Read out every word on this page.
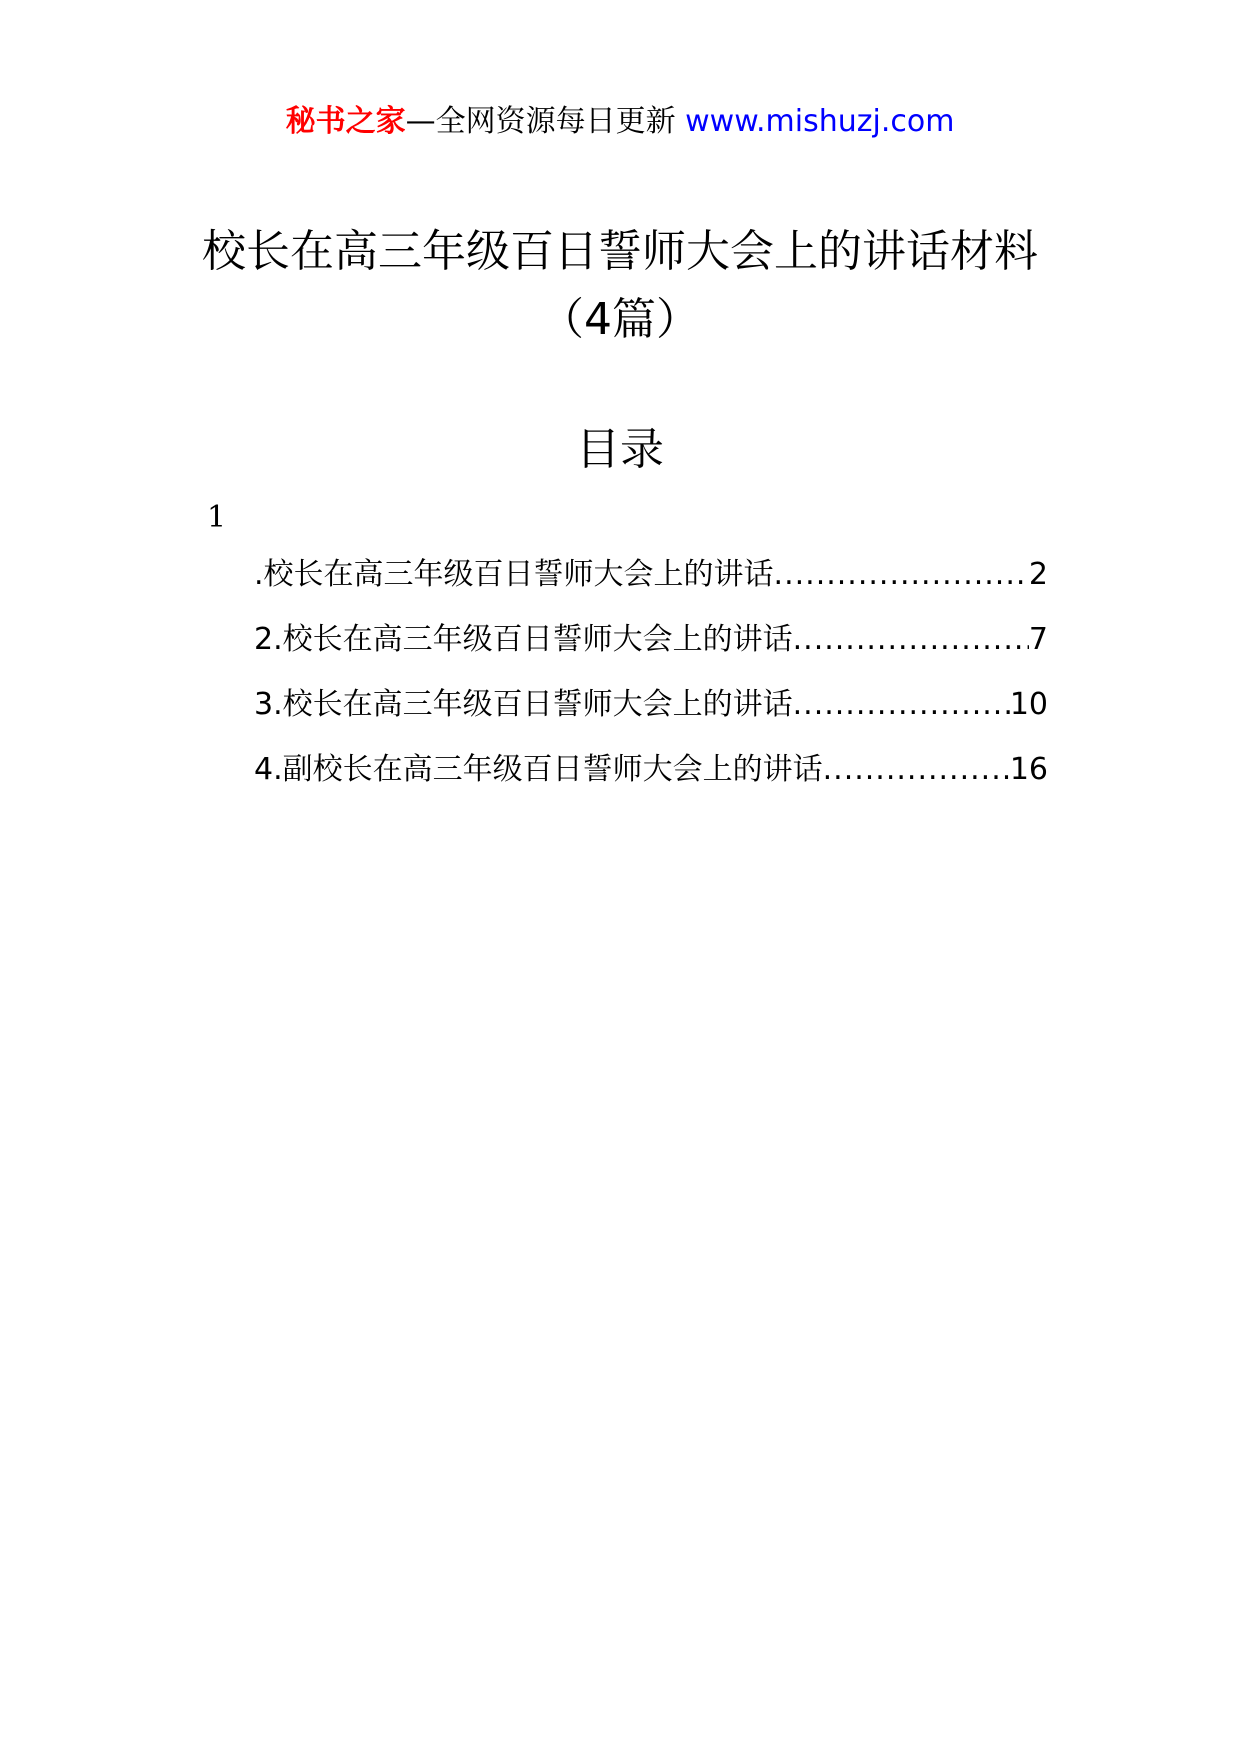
秘书之家—全网资源每日更新 www.mishuzj.com
校长在高三年级百日誓师大会上的讲话材料
（4篇）
目录
1
.校长在高三年级百日誓师大会上的讲话 .....	2
2.校长在高三年级百日誓师大会上的讲话 .....	7
3.校长在高三年级百日誓师大会上的讲话 .....	10
4.副校长在高三年级百日誓师大会上的讲话 .....	16
